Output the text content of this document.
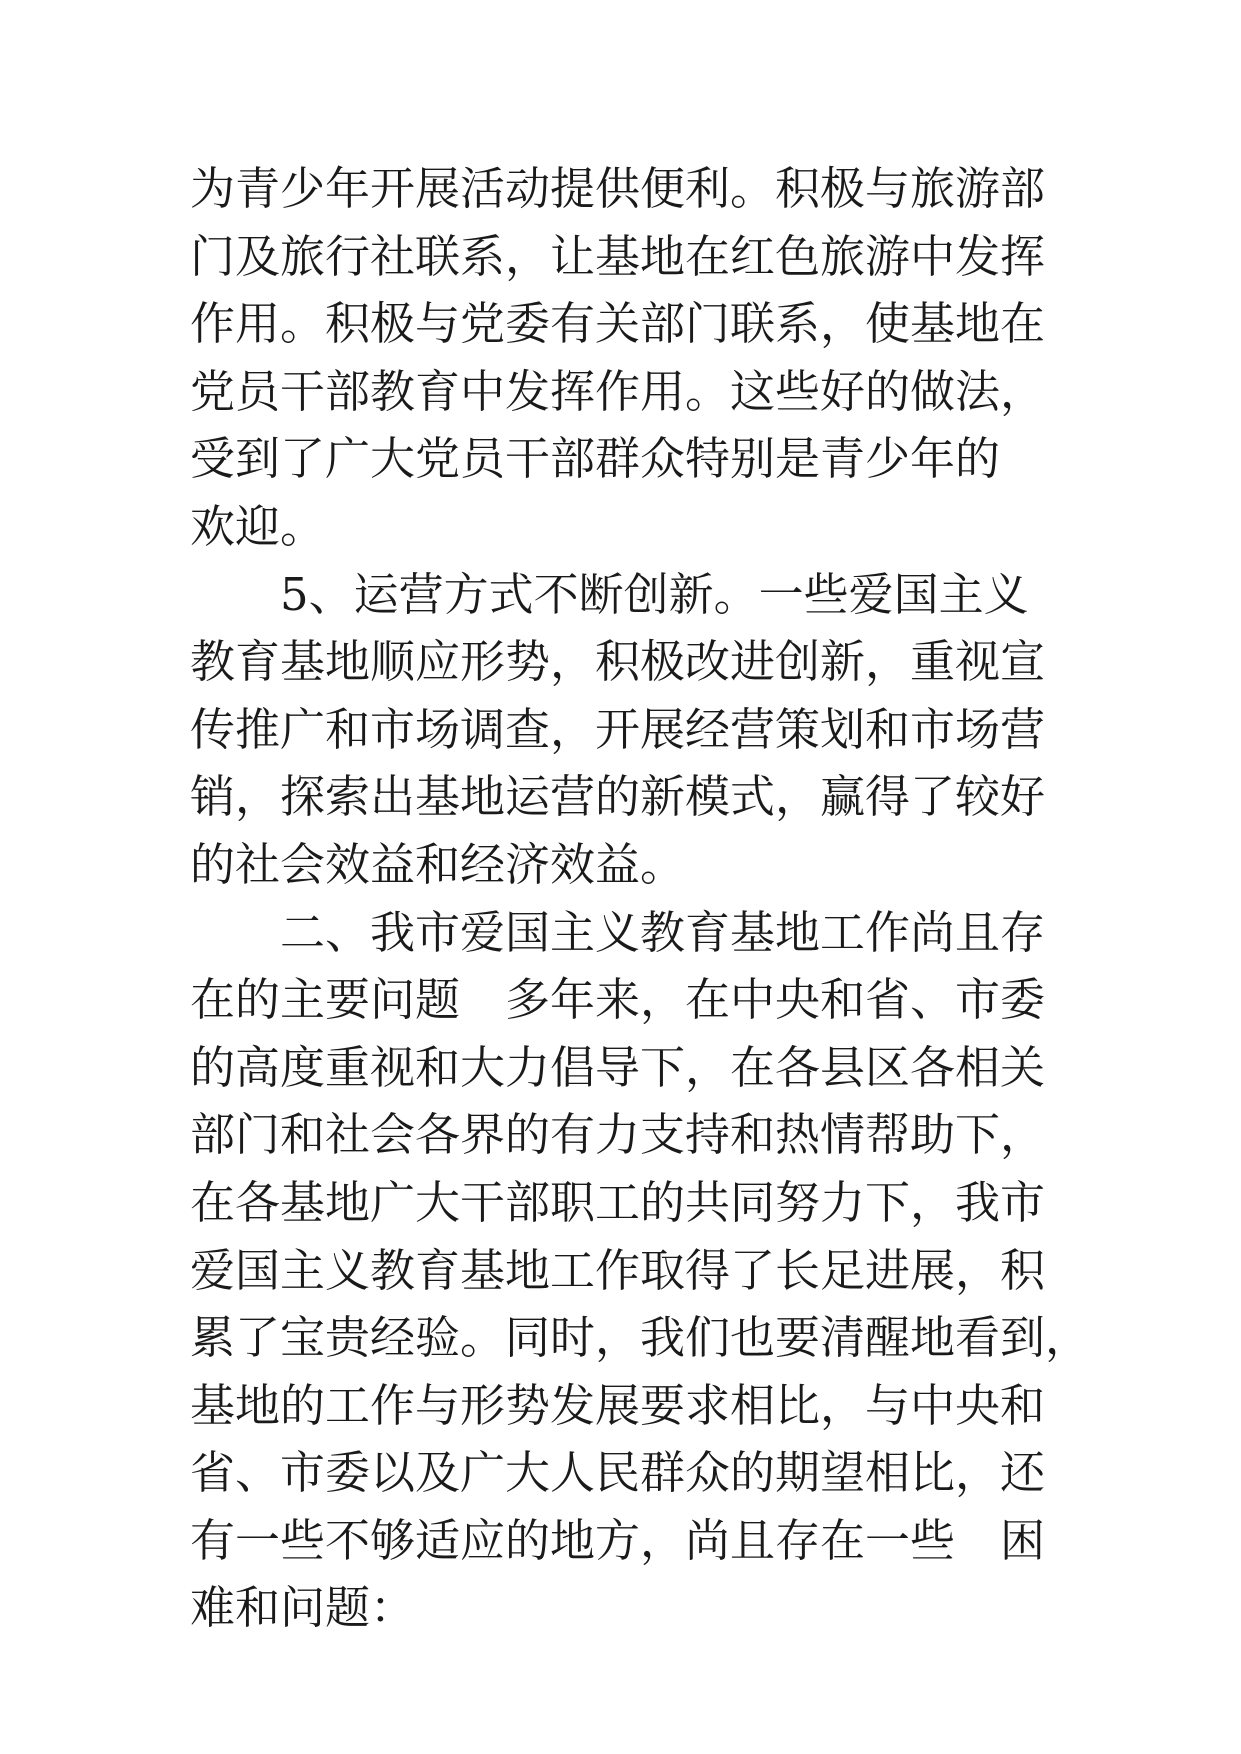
为青少年开展活动提供便利。积极与旅游部
门及旅行社联系，让基地在红色旅游中发挥
作用。积极与党委有关部门联系，使基地在
党员干部教育中发挥作用。这些好的做法，
受到了广大党员干部群众特别是青少年的
欢迎。
　　5、运营方式不断创新。一些爱国主义
教育基地顺应形势，积极改进创新，重视宣
传推广和市场调查，开展经营策划和市场营
销，探索出基地运营的新模式，赢得了较好
的社会效益和经济效益。
　　二、我市爱国主义教育基地工作尚且存
在的主要问题　多年来，在中央和省、市委
的高度重视和大力倡导下，在各县区各相关
部门和社会各界的有力支持和热情帮助下，
在各基地广大干部职工的共同努力下，我市
爱国主义教育基地工作取得了长足进展，积
累了宝贵经验。同时，我们也要清醒地看到，
基地的工作与形势发展要求相比，与中央和
省、市委以及广大人民群众的期望相比，还
有一些不够适应的地方，尚且存在一些　困
难和问题：
